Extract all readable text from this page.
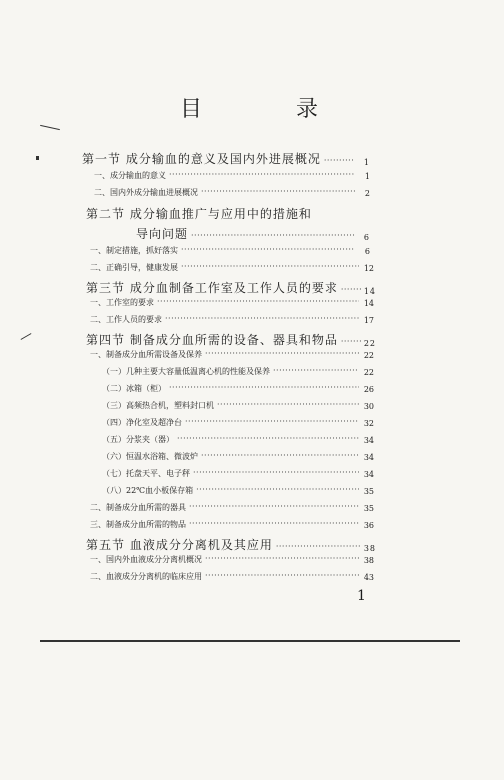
目	录
第一节 成分输血的意义及国内外进展概况 ·····	1
一、成分输血的意义 ·····	1
二、国内外成分输血进展概况 ·····	2
第二节 成分输血推广与应用中的措施和
导向问题 ·····	6
一、制定措施，抓好落实 ·····	6
二、正确引导，健康发展 ·····	12
第三节 成分血制备工作室及工作人员的要求 ·····	14
一、工作室的要求 ·····	14
二、工作人员的要求 ·····	17
第四节 制备成分血所需的设备、器具和物品 ·····	22
一、制备成分血所需设备及保养 ·····	22
（一）几种主要大容量低温离心机的性能及保养 ·····	22
（二）冰箱（柜） ·····	26
（三）高频热合机，塑料封口机 ·····	30
（四）净化室及超净台 ·····	32
（五）分浆夹（器） ·····	34
（六）恒温水浴箱、微波炉 ·····	34
（七）托盘天平、电子秤 ·····	34
（八）22℃血小板保存箱 ·····	35
二、制备成分血所需的器具 ·····	35
三、制备成分血所需的物品 ·····	36
第五节 血液成分分离机及其应用 ·····	38
一、国内外血液成分分离机概况 ·····	38
二、血液成分分离机的临床应用 ·····	43
1
